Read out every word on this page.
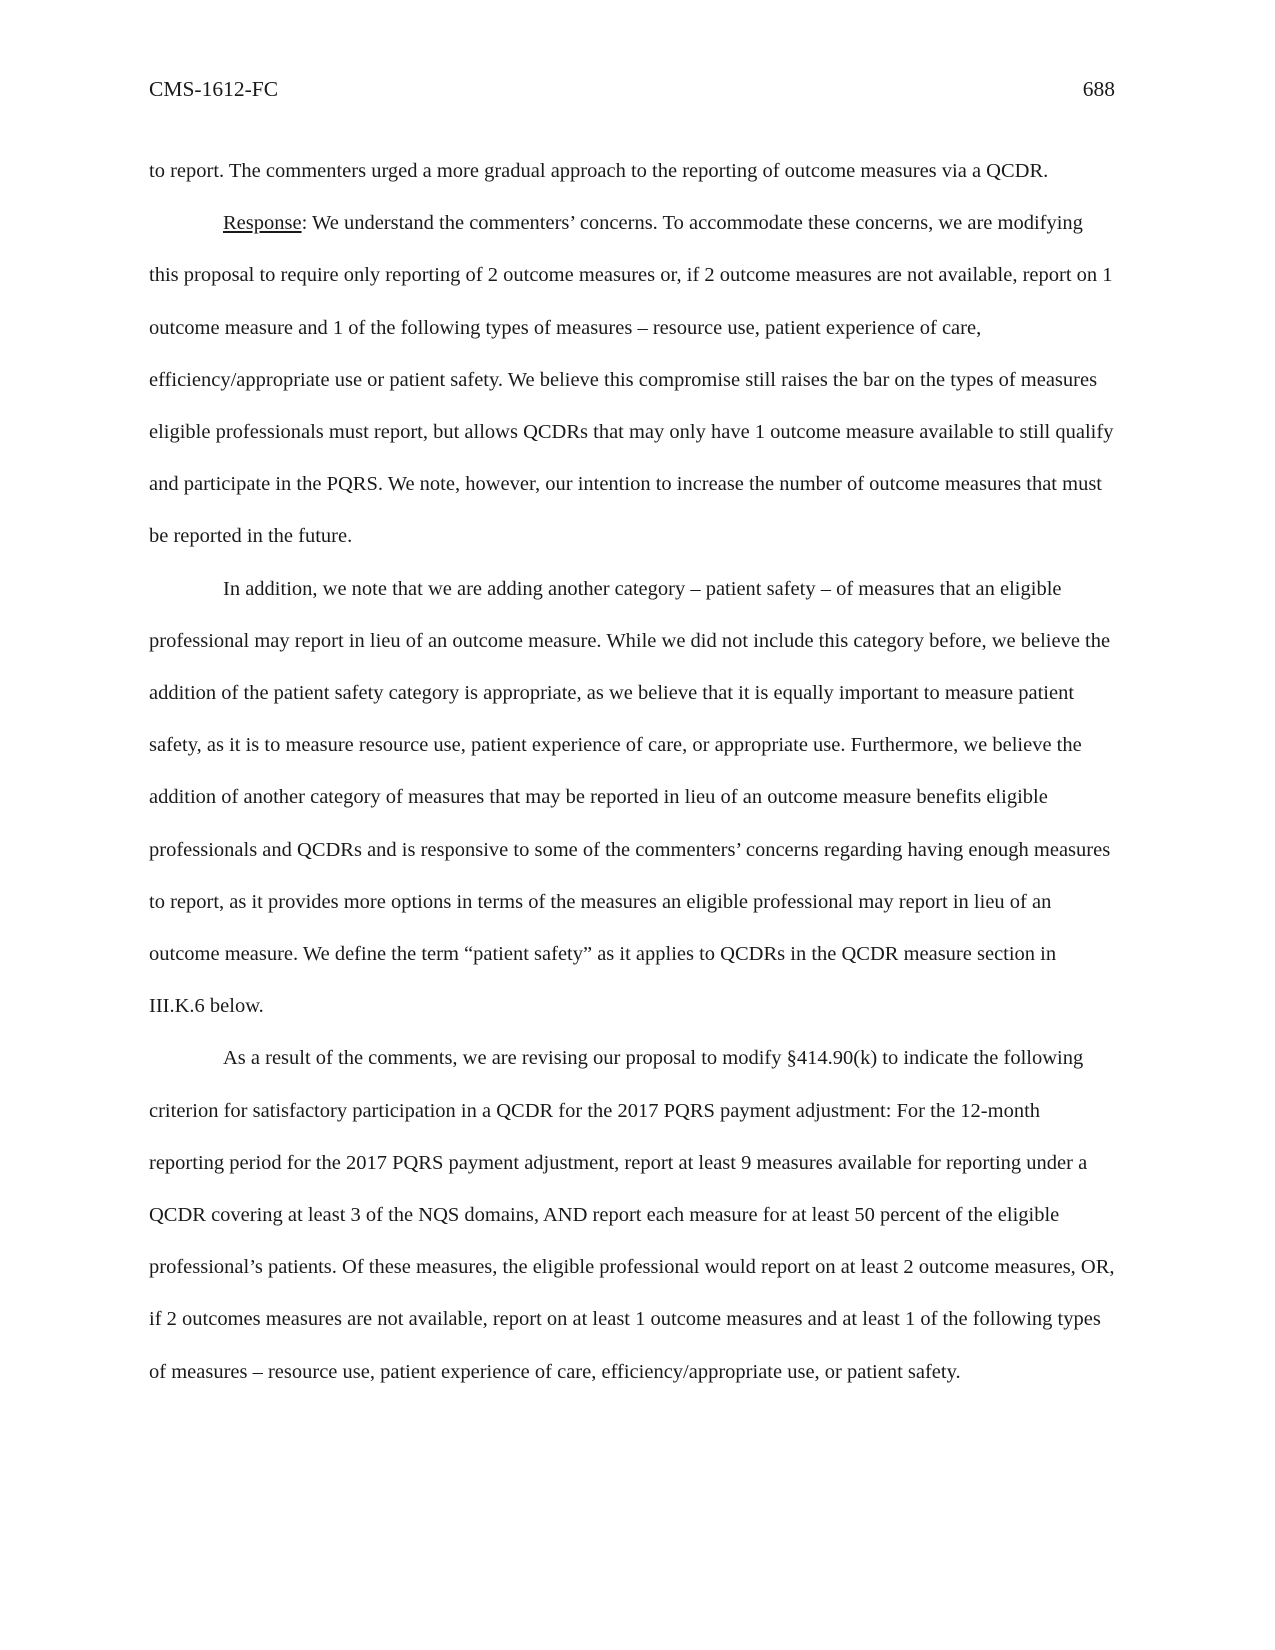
CMS-1612-FC	688

to report. The commenters urged a more gradual approach to the reporting of outcome measures via a QCDR.

Response: We understand the commenters’ concerns. To accommodate these concerns, we are modifying this proposal to require only reporting of 2 outcome measures or, if 2 outcome measures are not available, report on 1 outcome measure and 1 of the following types of measures – resource use, patient experience of care, efficiency/appropriate use or patient safety. We believe this compromise still raises the bar on the types of measures eligible professionals must report, but allows QCDRs that may only have 1 outcome measure available to still qualify and participate in the PQRS. We note, however, our intention to increase the number of outcome measures that must be reported in the future.

In addition, we note that we are adding another category – patient safety – of measures that an eligible professional may report in lieu of an outcome measure. While we did not include this category before, we believe the addition of the patient safety category is appropriate, as we believe that it is equally important to measure patient safety, as it is to measure resource use, patient experience of care, or appropriate use. Furthermore, we believe the addition of another category of measures that may be reported in lieu of an outcome measure benefits eligible professionals and QCDRs and is responsive to some of the commenters’ concerns regarding having enough measures to report, as it provides more options in terms of the measures an eligible professional may report in lieu of an outcome measure. We define the term “patient safety” as it applies to QCDRs in the QCDR measure section in III.K.6 below.

As a result of the comments, we are revising our proposal to modify §414.90(k) to indicate the following criterion for satisfactory participation in a QCDR for the 2017 PQRS payment adjustment: For the 12-month reporting period for the 2017 PQRS payment adjustment, report at least 9 measures available for reporting under a QCDR covering at least 3 of the NQS domains, AND report each measure for at least 50 percent of the eligible professional’s patients. Of these measures, the eligible professional would report on at least 2 outcome measures, OR, if 2 outcomes measures are not available, report on at least 1 outcome measures and at least 1 of the following types of measures – resource use, patient experience of care, efficiency/appropriate use, or patient safety.
